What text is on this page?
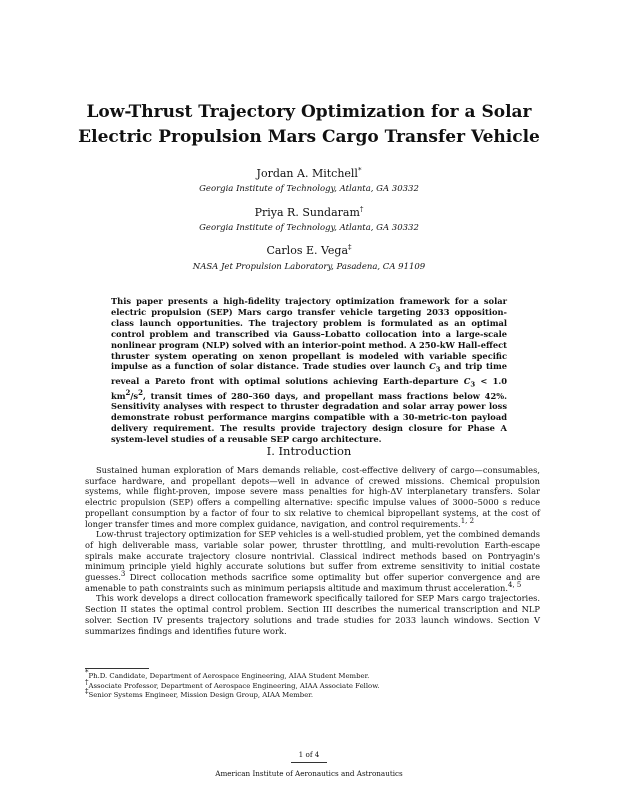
Low-Thrust Trajectory Optimization for a Solar
Electric Propulsion Mars Cargo Transfer Vehicle
Jordan A. Mitchell*
Georgia Institute of Technology, Atlanta, GA 30332
Priya R. Sundaram†
Georgia Institute of Technology, Atlanta, GA 30332
Carlos E. Vega‡
NASA Jet Propulsion Laboratory, Pasadena, CA 91109

This paper presents a high-fidelity trajectory optimization framework for a solar electric propulsion (SEP) Mars cargo transfer vehicle targeting 2033 opposition-class launch opportunities. The trajectory problem is formulated as an optimal control problem and transcribed via Gauss–Lobatto collocation into a large-scale nonlinear program (NLP) solved with an interior-point method. A 250-kW Hall-effect thruster system operating on xenon propellant is modeled with variable specific impulse as a function of solar distance. Trade studies over launch $C_3$ and trip time reveal a Pareto front with optimal solutions achieving Earth-departure $C_3 < 1.0$ $km^2/s^2$, transit times of 280–360 days, and propellant mass fractions below 42%. Sensitivity analyses with respect to thruster degradation and solar array power loss demonstrate robust performance margins compatible with a 30-metric-ton payload delivery requirement. The results provide trajectory design closure for Phase A system-level studies of a reusable SEP cargo architecture.

I. Introduction

Sustained human exploration of Mars demands reliable, cost-effective delivery of cargo—consumables, surface hardware, and propellant depots—well in advance of crewed missions. Chemical propulsion systems, while flight-proven, impose severe mass penalties for high-ΔV interplanetary transfers. Solar electric propulsion (SEP) offers a compelling alternative: specific impulse values of 3000–5000 s reduce propellant consumption by a factor of four to six relative to chemical bipropellant systems, at the cost of longer transfer times and more complex guidance, navigation, and control requirements.$^{1, 2}$

Low-thrust trajectory optimization for SEP vehicles is a well-studied problem, yet the combined demands of high deliverable mass, variable solar power, thruster throttling, and multi-revolution Earth-escape spirals make accurate trajectory closure nontrivial. Classical indirect methods based on Pontryagin's minimum principle yield highly accurate solutions but suffer from extreme sensitivity to initial costate guesses.$^3$ Direct collocation methods sacrifice some optimality but offer superior convergence and are amenable to path constraints such as minimum periapsis altitude and maximum thrust acceleration.$^{4, 5}$

This work develops a direct collocation framework specifically tailored for SEP Mars cargo trajectories. Section II states the optimal control problem. Section III describes the numerical transcription and NLP solver. Section IV presents trajectory solutions and trade studies for 2033 launch windows. Section V summarizes findings and identifies future work.

*Ph.D. Candidate, Department of Aerospace Engineering, AIAA Student Member.
†Associate Professor, Department of Aerospace Engineering, AIAA Associate Fellow.
‡Senior Systems Engineer, Mission Design Group, AIAA Member.
1 of 4
American Institute of Aeronautics and Astronautics
